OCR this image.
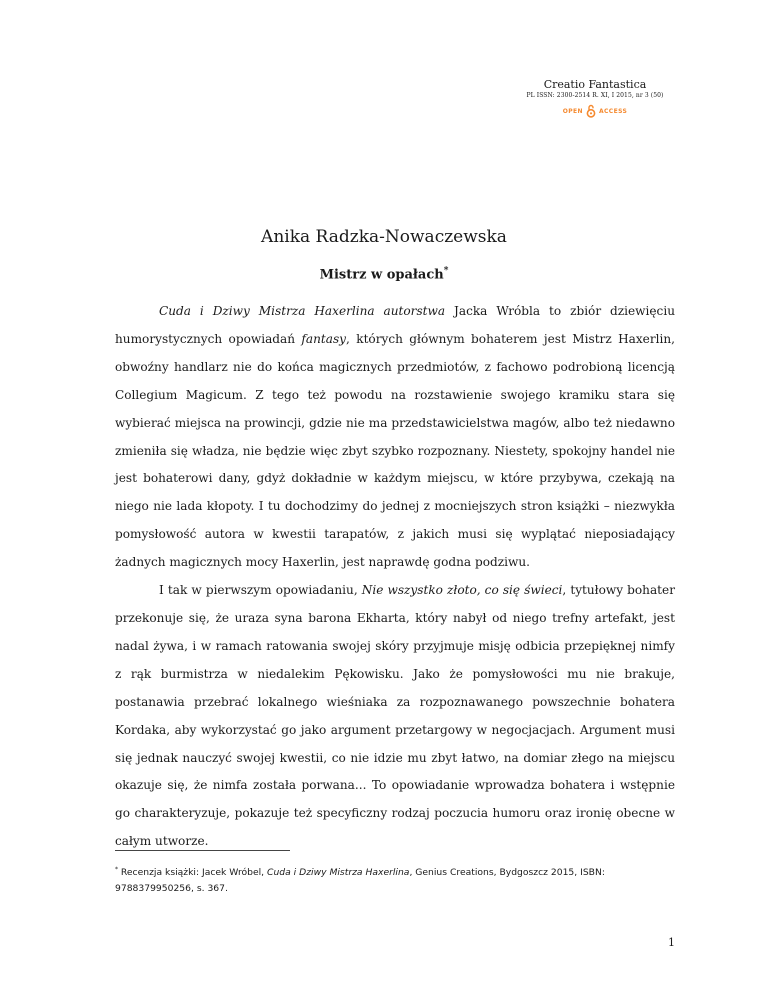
Creatio Fantastica
PL ISSN: 2300-2514 R. XI, I 2015, nr 3 (50)
OPEN	ACCESS
Anika Radzka-Nowaczewska
Mistrz w opałach*

Cuda i Dziwy Mistrza Haxerlina autorstwa Jacka Wróbla to zbiór dziewięciu humorystycznych opowiadań fantasy, których głównym bohaterem jest Mistrz Haxerlin, obwoźny handlarz nie do końca magicznych przedmiotów, z fachowo podrobioną licencją Collegium Magicum. Z tego też powodu na rozstawienie swojego kramiku stara się wybierać miejsca na prowincji, gdzie nie ma przedstawicielstwa magów, albo też niedawno zmieniła się władza, nie będzie więc zbyt szybko rozpoznany. Niestety, spokojny handel nie jest bohaterowi dany, gdyż dokładnie w każdym miejscu, w które przybywa, czekają na niego nie lada kłopoty. I tu dochodzimy do jednej z mocniejszych stron książki – niezwykła pomysłowość autora w kwestii tarapatów, z jakich musi się wyplątać nieposiadający żadnych magicznych mocy Haxerlin, jest naprawdę godna podziwu.

I tak w pierwszym opowiadaniu, Nie wszystko złoto, co się świeci, tytułowy bohater przekonuje się, że uraza syna barona Ekharta, który nabył od niego trefny artefakt, jest nadal żywa, i w ramach ratowania swojej skóry przyjmuje misję odbicia przepięknej nimfy z rąk burmistrza w niedalekim Pękowisku. Jako że pomysłowości mu nie brakuje, postanawia przebrać lokalnego wieśniaka za rozpoznawanego powszechnie bohatera Kordaka, aby wykorzystać go jako argument przetargowy w negocjacjach. Argument musi się jednak nauczyć swojej kwestii, co nie idzie mu zbyt łatwo, na domiar złego na miejscu okazuje się, że nimfa została porwana... To opowiadanie wprowadza bohatera i wstępnie go charakteryzuje, pokazuje też specyficzny rodzaj poczucia humoru oraz ironię obecne w całym utworze.

* Recenzja książki: Jacek Wróbel, Cuda i Dziwy Mistrza Haxerlina, Genius Creations, Bydgoszcz 2015, ISBN: 9788379950256, s. 367.
1
